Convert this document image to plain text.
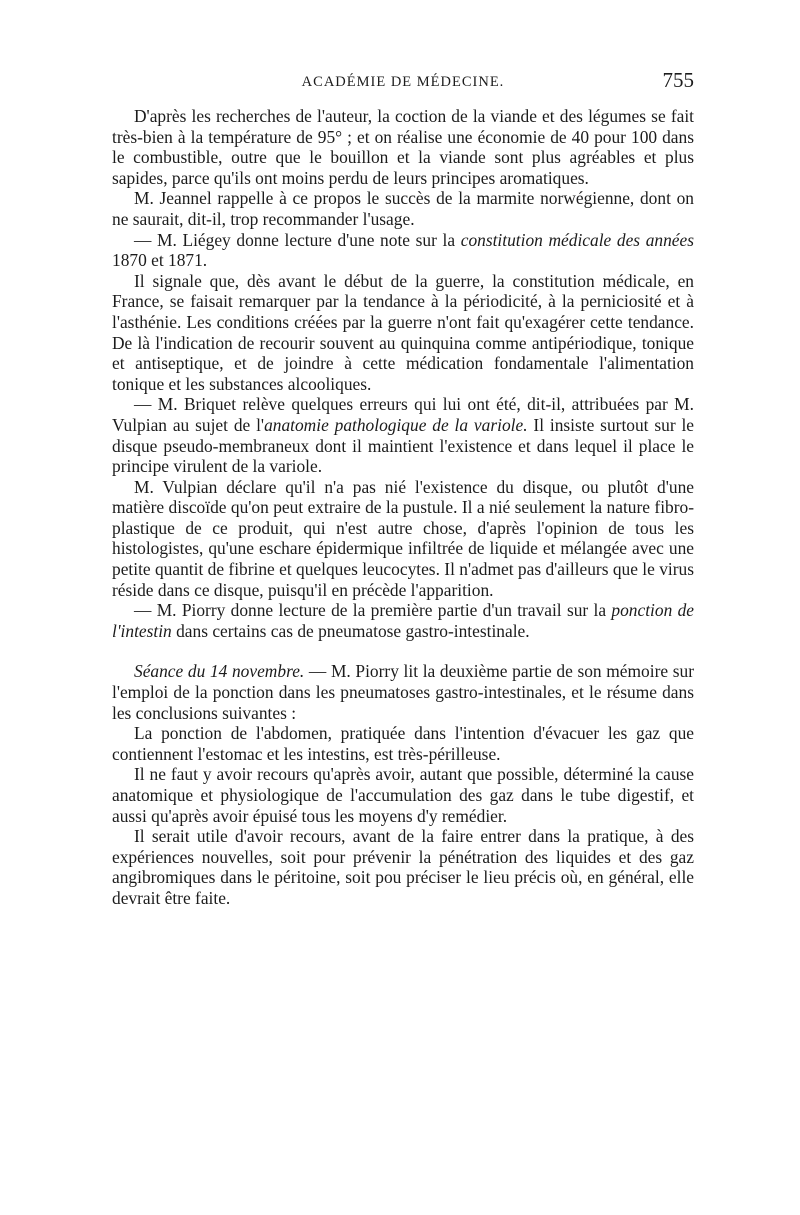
ACADÉMIE DE MÉDECINE.	755

D'après les recherches de l'auteur, la coction de la viande et des légumes se fait très-bien à la température de 95° ; et on réalise une économie de 40 pour 100 dans le combustible, outre que le bouillon et la viande sont plus agréables et plus sapides, parce qu'ils ont moins perdu de leurs principes aromatiques.

M. Jeannel rappelle à ce propos le succès de la marmite norwégienne, dont on ne saurait, dit-il, trop recommander l'usage.

— M. Liégey donne lecture d'une note sur la constitution médicale des années 1870 et 1871.

Il signale que, dès avant le début de la guerre, la constitution médicale, en France, se faisait remarquer par la tendance à la périodicité, à la perniciosité et à l'asthénie. Les conditions créées par la guerre n'ont fait qu'exagérer cette tendance. De là l'indication de recourir souvent au quinquina comme antipériodique, tonique et antiseptique, et de joindre à cette médication fondamentale l'alimentation tonique et les substances alcooliques.

— M. Briquet relève quelques erreurs qui lui ont été, dit-il, attribuées par M. Vulpian au sujet de l'anatomie pathologique de la variole. Il insiste surtout sur le disque pseudo-membraneux dont il maintient l'existence et dans lequel il place le principe virulent de la variole.

M. Vulpian déclare qu'il n'a pas nié l'existence du disque, ou plutôt d'une matière discoïde qu'on peut extraire de la pustule. Il a nié seulement la nature fibro-plastique de ce produit, qui n'est autre chose, d'après l'opinion de tous les histologistes, qu'une eschare épidermique infiltrée de liquide et mélangée avec une petite quantit de fibrine et quelques leucocytes. Il n'admet pas d'ailleurs que le virus réside dans ce disque, puisqu'il en précède l'apparition.

— M. Piorry donne lecture de la première partie d'un travail sur la ponction de l'intestin dans certains cas de pneumatose gastro-intestinale.

Séance du 14 novembre. — M. Piorry lit la deuxième partie de son mémoire sur l'emploi de la ponction dans les pneumatoses gastro-intestinales, et le résume dans les conclusions suivantes :

La ponction de l'abdomen, pratiquée dans l'intention d'évacuer les gaz que contiennent l'estomac et les intestins, est très-périlleuse.

Il ne faut y avoir recours qu'après avoir, autant que possible, déterminé la cause anatomique et physiologique de l'accumulation des gaz dans le tube digestif, et aussi qu'après avoir épuisé tous les moyens d'y remédier.

Il serait utile d'avoir recours, avant de la faire entrer dans la pratique, à des expériences nouvelles, soit pour prévenir la pénétration des liquides et des gaz angibromiques dans le péritoine, soit pou préciser le lieu précis où, en général, elle devrait être faite.
